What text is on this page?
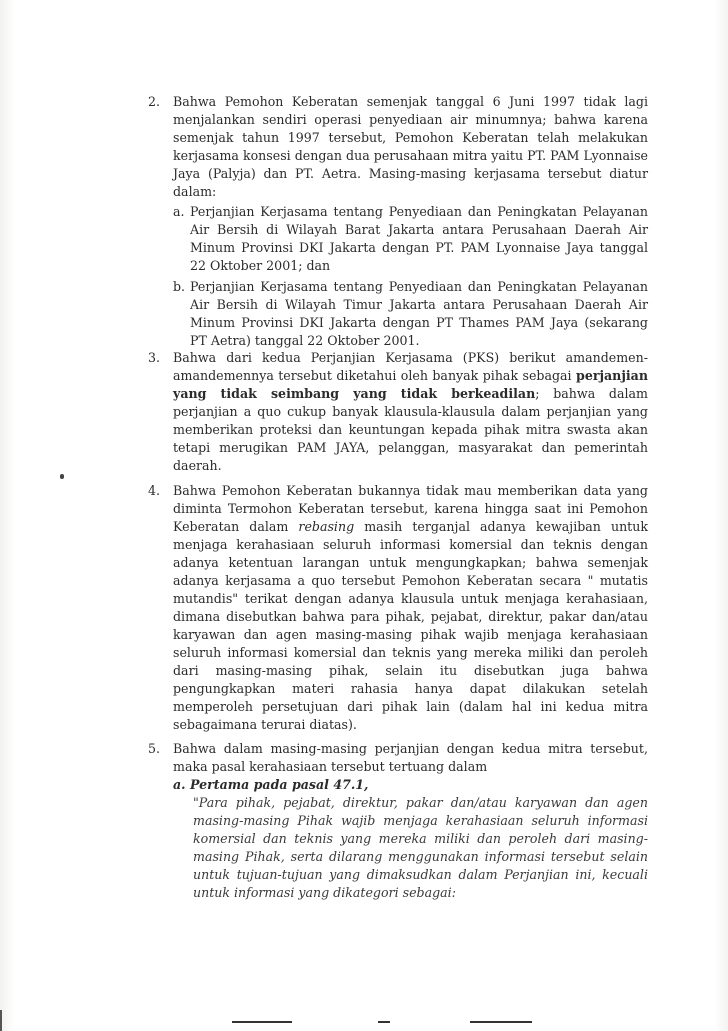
2.	Bahwa Pemohon Keberatan semenjak tanggal 6 Juni 1997 tidak lagi menjalankan sendiri operasi penyediaan air minumnya; bahwa karena semenjak tahun 1997 tersebut, Pemohon Keberatan telah melakukan kerjasama konsesi dengan dua perusahaan mitra yaitu PT. PAM Lyonnaise Jaya (Palyja) dan PT. Aetra. Masing-masing kerjasama tersebut diatur dalam:
a. Perjanjian Kerjasama tentang Penyediaan dan Peningkatan Pelayanan Air Bersih di Wilayah Barat Jakarta antara Perusahaan Daerah Air Minum Provinsi DKI Jakarta dengan PT. PAM Lyonnaise Jaya tanggal 22 Oktober 2001; dan
b. Perjanjian Kerjasama tentang Penyediaan dan Peningkatan Pelayanan Air Bersih di Wilayah Timur Jakarta antara Perusahaan Daerah Air Minum Provinsi DKI Jakarta dengan PT Thames PAM Jaya (sekarang PT Aetra) tanggal 22 Oktober 2001.
3.	Bahwa dari kedua Perjanjian Kerjasama (PKS) berikut amandemen-amandemennya tersebut diketahui oleh banyak pihak sebagai perjanjian yang tidak seimbang yang tidak berkeadilan; bahwa dalam perjanjian a quo cukup banyak klausula-klausula dalam perjanjian yang memberikan proteksi dan keuntungan kepada pihak mitra swasta akan tetapi merugikan PAM JAYA, pelanggan, masyarakat dan pemerintah daerah.
4.	Bahwa Pemohon Keberatan bukannya tidak mau memberikan data yang diminta Termohon Keberatan tersebut, karena hingga saat ini Pemohon Keberatan dalam rebasing masih terganjal adanya kewajiban untuk menjaga kerahasiaan seluruh informasi komersial dan teknis dengan adanya ketentuan larangan untuk mengungkapkan; bahwa semenjak adanya kerjasama a quo tersebut Pemohon Keberatan secara " mutatis mutandis" terikat dengan adanya klausula untuk menjaga kerahasiaan, dimana disebutkan bahwa para pihak, pejabat, direktur, pakar dan/atau karyawan dan agen masing-masing pihak wajib menjaga kerahasiaan seluruh informasi komersial dan teknis yang mereka miliki dan peroleh dari masing-masing pihak, selain itu disebutkan juga bahwa pengungkapkan materi rahasia hanya dapat dilakukan setelah memperoleh persetujuan dari pihak lain (dalam hal ini kedua mitra sebagaimana terurai diatas).
5.	Bahwa dalam masing-masing perjanjian dengan kedua mitra tersebut, maka pasal kerahasiaan tersebut tertuang dalam
a. Pertama pada pasal 47.1,
"Para pihak, pejabat, direktur, pakar dan/atau karyawan dan agen masing-masing Pihak wajib menjaga kerahasiaan seluruh informasi komersial dan teknis yang mereka miliki dan peroleh dari masing-masing Pihak, serta dilarang menggunakan informasi tersebut selain untuk tujuan-tujuan yang dimaksudkan dalam Perjanjian ini, kecuali untuk informasi yang dikategori sebagai:
